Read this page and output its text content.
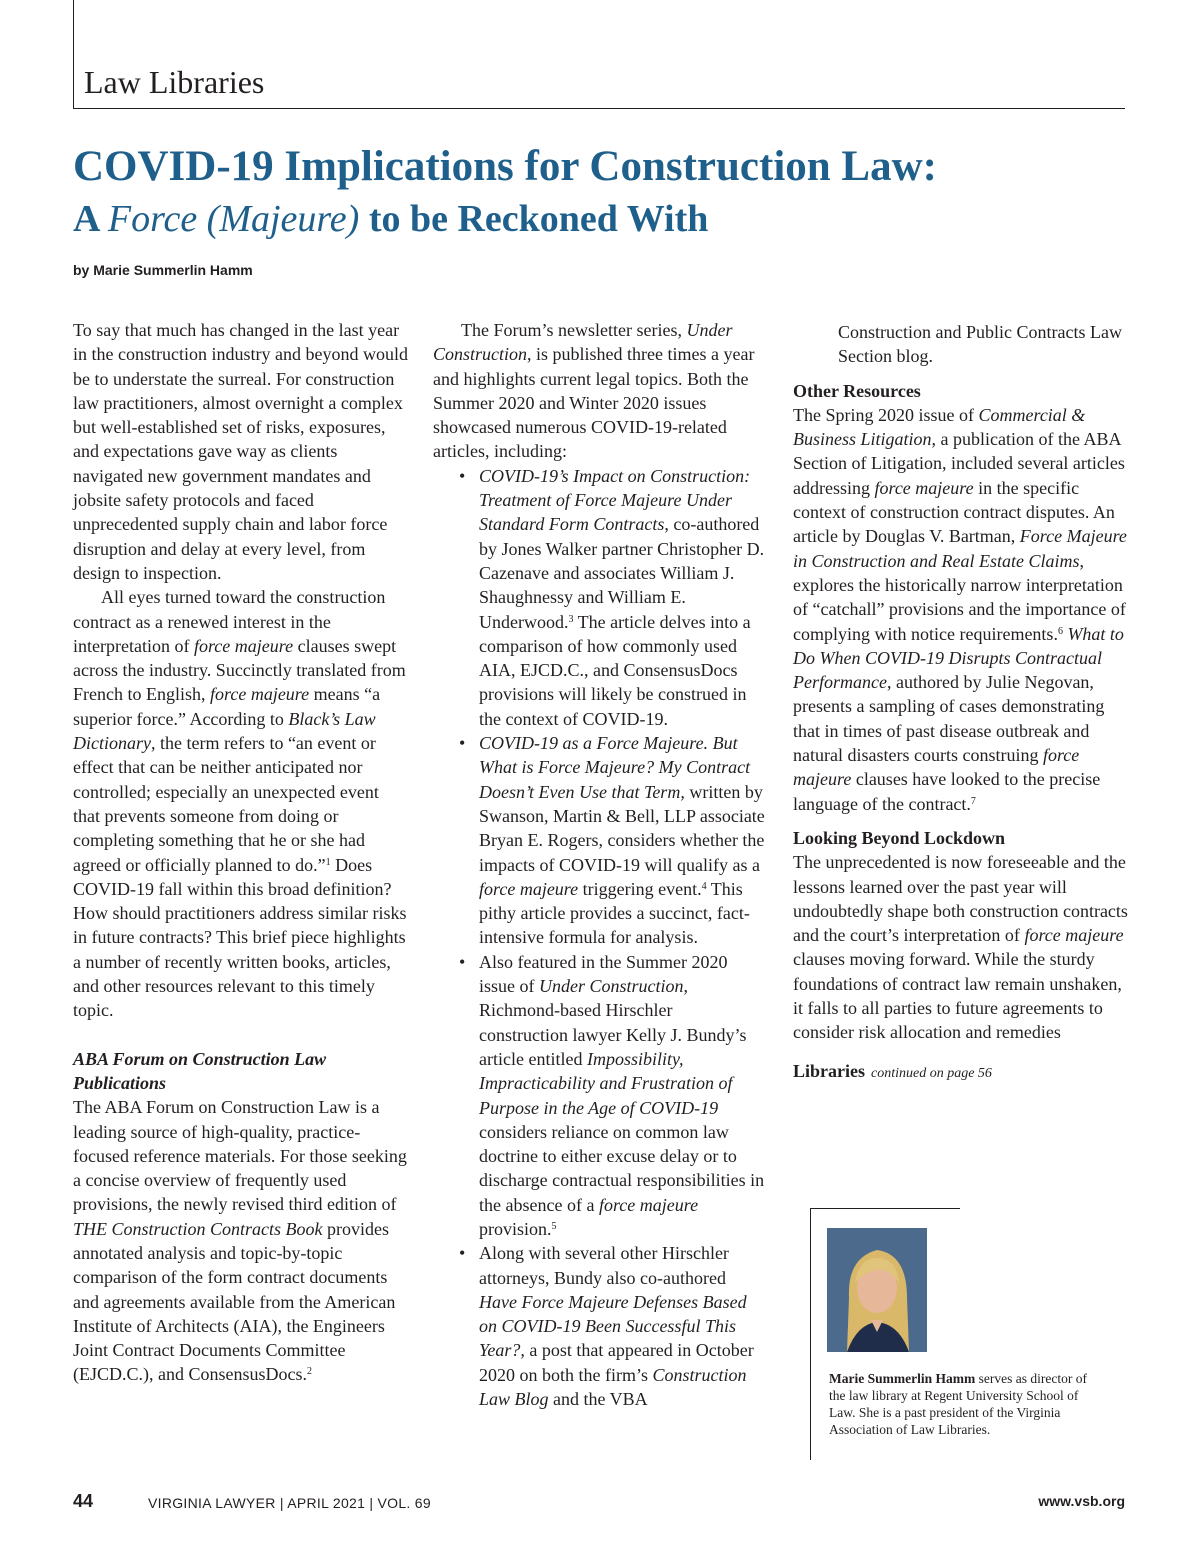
Law Libraries
COVID-19 Implications for Construction Law:
A Force (Majeure) to be Reckoned With
by Marie Summerlin Hamm

To say that much has changed in the last year in the construction industry and beyond would be to understate the surreal. For construction law practitioners, almost overnight a complex but well-established set of risks, exposures, and expectations gave way as clients navigated new government mandates and jobsite safety protocols and faced unprecedented supply chain and labor force disruption and delay at every level, from design to inspection.

All eyes turned toward the construction contract as a renewed interest in the interpretation of force majeure clauses swept across the industry. Succinctly translated from French to English, force majeure means “a superior force.” According to Black’s Law Dictionary, the term refers to “an event or effect that can be neither anticipated nor controlled; especially an unexpected event that prevents someone from doing or completing something that he or she had agreed or officially planned to do.”$^1$ Does COVID-19 fall within this broad definition? How should practitioners address similar risks in future contracts? This brief piece highlights a number of recently written books, articles, and other resources relevant to this timely topic.

ABA Forum on Construction Law Publications

The ABA Forum on Construction Law is a leading source of high-quality, practice-focused reference materials. For those seeking a concise overview of frequently used provisions, the newly revised third edition of THE Construction Contracts Book provides annotated analysis and topic-by-topic comparison of the form contract documents and agreements available from the American Institute of Architects (AIA), the Engineers Joint Contract Documents Committee (EJCD.C.), and ConsensusDocs.$^2$

The Forum’s newsletter series, Under Construction, is published three times a year and highlights current legal topics. Both the Summer 2020 and Winter 2020 issues showcased numerous COVID-19-related articles, including:

• COVID-19’s Impact on Construction: Treatment of Force Majeure Under Standard Form Contracts, co-authored by Jones Walker partner Christopher D. Cazenave and associates William J. Shaughnessy and William E. Underwood.$^3$ The article delves into a comparison of how commonly used AIA, EJCD.C., and ConsensusDocs provisions will likely be construed in the context of COVID-19.
• COVID-19 as a Force Majeure. But What is Force Majeure? My Contract Doesn’t Even Use that Term, written by Swanson, Martin & Bell, LLP associate Bryan E. Rogers, considers whether the impacts of COVID-19 will qualify as a force majeure triggering event.$^4$ This pithy article provides a succinct, fact-intensive formula for analysis.
• Also featured in the Summer 2020 issue of Under Construction, Richmond-based Hirschler construction lawyer Kelly J. Bundy’s article entitled Impossibility, Impracticability and Frustration of Purpose in the Age of COVID-19 considers reliance on common law doctrine to either excuse delay or to discharge contractual responsibilities in the absence of a force majeure provision.$^5$
• Along with several other Hirschler attorneys, Bundy also co-authored Have Force Majeure Defenses Based on COVID-19 Been Successful This Year?, a post that appeared in October 2020 on both the firm’s Construction Law Blog and the VBA

Construction and Public Contracts Law Section blog.

Other Resources

The Spring 2020 issue of Commercial & Business Litigation, a publication of the ABA Section of Litigation, included several articles addressing force majeure in the specific context of construction contract disputes. An article by Douglas V. Bartman, Force Majeure in Construction and Real Estate Claims, explores the historically narrow interpretation of “catchall” provisions and the importance of complying with notice requirements.$^6$ What to Do When COVID-19 Disrupts Contractual Performance, authored by Julie Negovan, presents a sampling of cases demonstrating that in times of past disease outbreak and natural disasters courts construing force majeure clauses have looked to the precise language of the contract.$^7$

Looking Beyond Lockdown

The unprecedented is now foreseeable and the lessons learned over the past year will undoubtedly shape both construction contracts and the court’s interpretation of force majeure clauses moving forward. While the sturdy foundations of contract law remain unshaken, it falls to all parties to future agreements to consider risk allocation and remedies

Libraries continued on page 56

Marie Summerlin Hamm serves as director of the law library at Regent University School of Law. She is a past president of the Virginia Association of Law Libraries.
44	VIRGINIA LAWYER | APRIL 2021 | VOL. 69	www.vsb.org
